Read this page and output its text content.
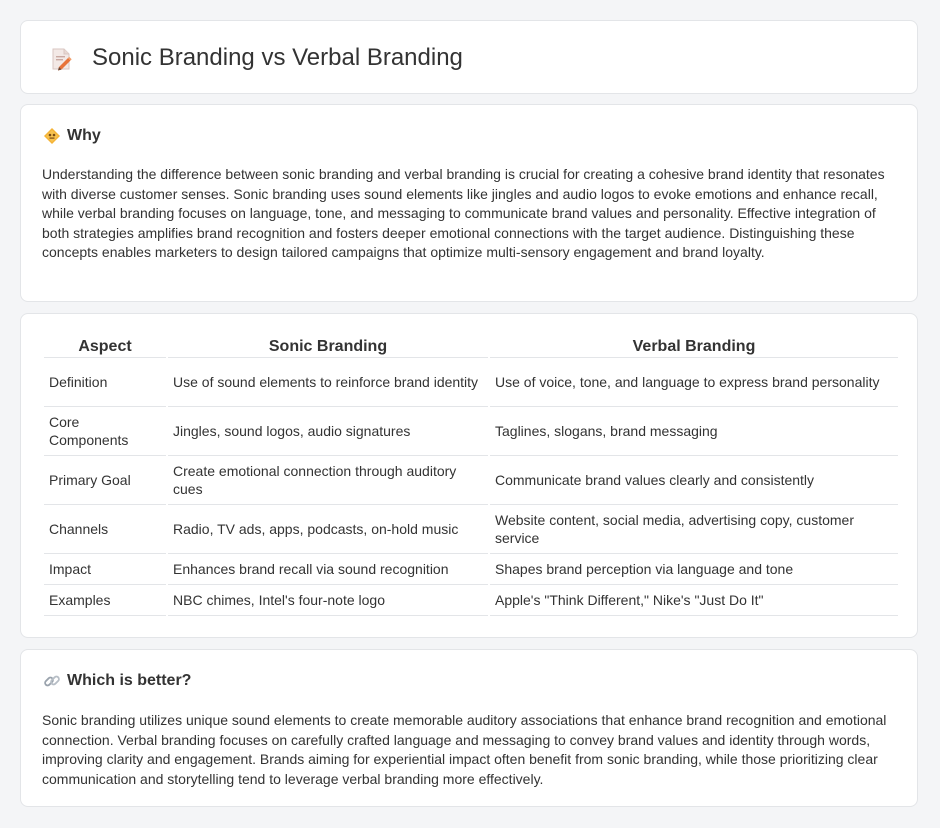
Sonic Branding vs Verbal Branding
Why

Understanding the difference between sonic branding and verbal branding is crucial for creating a cohesive brand identity that resonates with diverse customer senses. Sonic branding uses sound elements like jingles and audio logos to evoke emotions and enhance recall, while verbal branding focuses on language, tone, and messaging to communicate brand values and personality. Effective integration of both strategies amplifies brand recognition and fosters deeper emotional connections with the target audience. Distinguishing these concepts enables marketers to design tailored campaigns that optimize multi-sensory engagement and brand loyalty.

Aspect	Sonic Branding	Verbal Branding
Definition	Use of sound elements to reinforce brand identity	Use of voice, tone, and language to express brand personality
Core Components	Jingles, sound logos, audio signatures	Taglines, slogans, brand messaging
Primary Goal	Create emotional connection through auditory cues	Communicate brand values clearly and consistently
Channels	Radio, TV ads, apps, podcasts, on-hold music	Website content, social media, advertising copy, customer service
Impact	Enhances brand recall via sound recognition	Shapes brand perception via language and tone
Examples	NBC chimes, Intel's four-note logo	Apple's "Think Different," Nike's "Just Do It"
Which is better?

Sonic branding utilizes unique sound elements to create memorable auditory associations that enhance brand recognition and emotional connection. Verbal branding focuses on carefully crafted language and messaging to convey brand values and identity through words, improving clarity and engagement. Brands aiming for experiential impact often benefit from sonic branding, while those prioritizing clear communication and storytelling tend to leverage verbal branding more effectively.
